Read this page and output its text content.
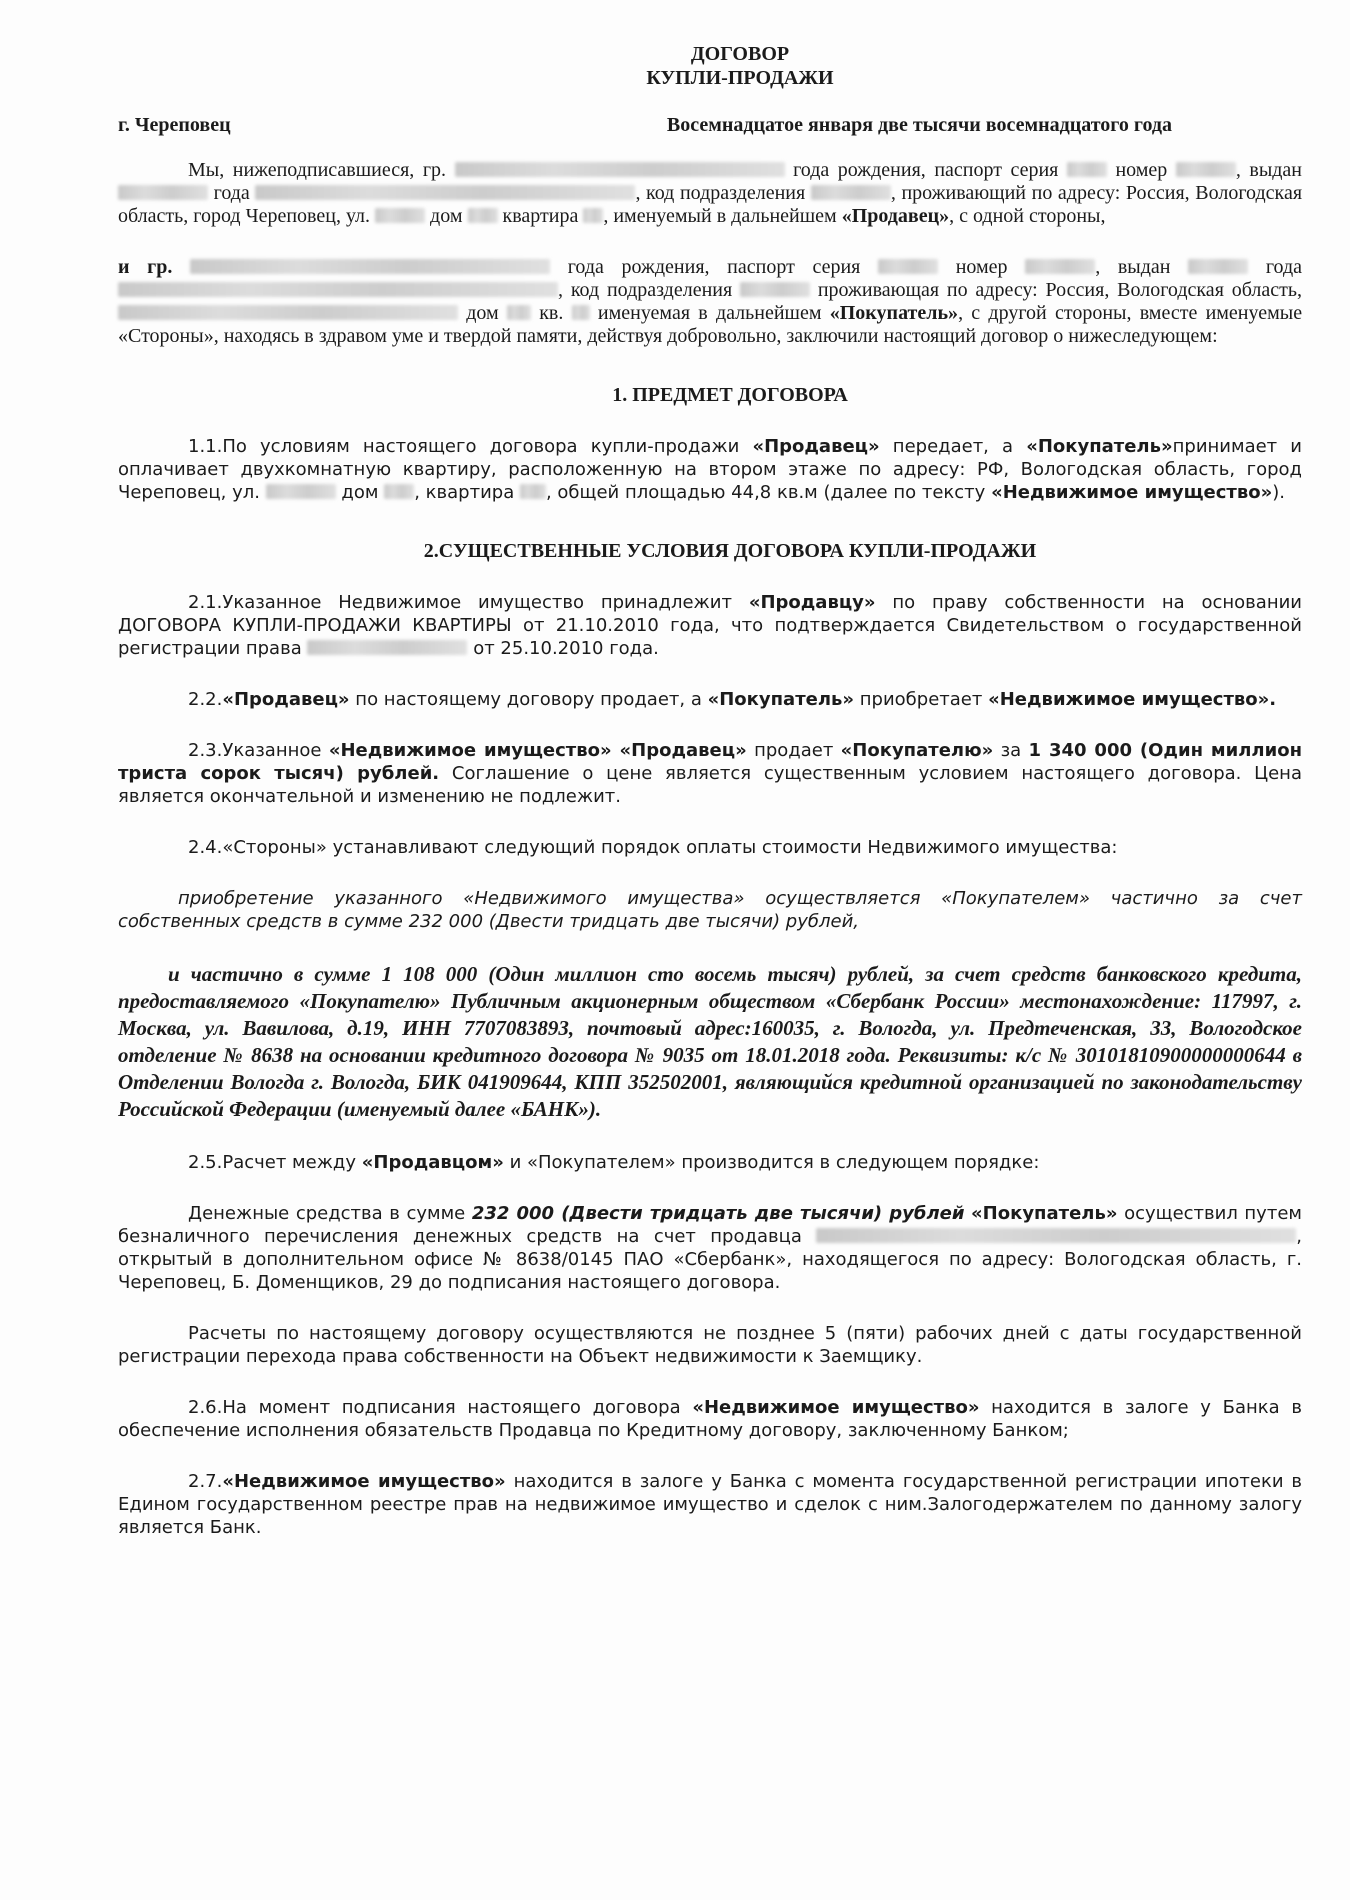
ДОГОВОР
КУПЛИ-ПРОДАЖИ
г. Череповец	Восемнадцатое января две тысячи восемнадцатого года

Мы, нижеподписавшиеся, гр.	года рождения, паспорт серия	номер	, выдан  года	, код подразделения	, проживающий по адресу: Россия, Вологодская область, город Череповец, ул.	дом квартира , именуемый в дальнейшем «Продавец», с одной стороны,

и гр.	года рождения, паспорт серия	номер	, выдан	года , код подразделения	проживающая по адресу: Россия, Вологодская область,  дом кв. именуемая в дальнейшем «Покупатель», с другой стороны, вместе именуемые «Стороны», находясь в здравом уме и твердой памяти, действуя добровольно, заключили настоящий договор о нижеследующем:

1. ПРЕДМЕТ ДОГОВОРА

1.1.По условиям настоящего договора купли-продажи «Продавец» передает, а «Покупатель»принимает и оплачивает двухкомнатную квартиру, расположенную на втором этаже по адресу: РФ, Вологодская область, город Череповец, ул.	дом , квартира , общей площадью 44,8 кв.м (далее по тексту «Недвижимое имущество»).

2.СУЩЕСТВЕННЫЕ УСЛОВИЯ ДОГОВОРА КУПЛИ-ПРОДАЖИ

2.1.Указанное Недвижимое имущество принадлежит «Продавцу» по праву собственности на основании ДОГОВОРА КУПЛИ-ПРОДАЖИ КВАРТИРЫ от 21.10.2010 года, что подтверждается Свидетельством о государственной регистрации права	от 25.10.2010 года.

2.2.«Продавец» по настоящему договору продает, а «Покупатель» приобретает «Недвижимое имущество».

2.3.Указанное «Недвижимое имущество» «Продавец» продает «Покупателю» за 1 340 000 (Один миллион триста сорок тысяч) рублей. Соглашение о цене является существенным условием настоящего договора. Цена является окончательной и изменению не подлежит.

2.4.«Стороны» устанавливают следующий порядок оплаты стоимости Недвижимого имущества:

приобретение указанного «Недвижимого имущества» осуществляется «Покупателем» частично за счет собственных средств в сумме 232 000 (Двести тридцать две тысячи) рублей,

и частично в сумме 1 108 000 (Один миллион сто восемь тысяч) рублей, за счет средств банковского кредита, предоставляемого «Покупателю» Публичным акционерным обществом «Сбербанк России» местонахождение: 117997, г. Москва, ул. Вавилова, д.19, ИНН 7707083893, почтовый адрес:160035, г. Вологда, ул. Предтеченская, 33, Вологодское отделение № 8638 на основании кредитного договора № 9035 от 18.01.2018 года. Реквизиты: к/с № 30101810900000000644 в Отделении Вологда г. Вологда, БИК 041909644, КПП 352502001, являющийся кредитной организацией по законодательству Российской Федерации (именуемый далее «БАНК»).

2.5.Расчет между «Продавцом» и «Покупателем» производится в следующем порядке:

Денежные средства в сумме 232 000 (Двести тридцать две тысячи) рублей «Покупатель» осуществил путем безналичного перечисления денежных средств на счет продавца	, открытый в дополнительном офисе № 8638/0145 ПАО «Сбербанк», находящегося по адресу: Вологодская область, г. Череповец, Б. Доменщиков, 29 до подписания настоящего договора.

Расчеты по настоящему договору осуществляются не позднее 5 (пяти) рабочих дней с даты государственной регистрации перехода права собственности на Объект недвижимости к Заемщику.

2.6.На момент подписания настоящего договора «Недвижимое имущество» находится в залоге у Банка в обеспечение исполнения обязательств Продавца по Кредитному договору, заключенному Банком;

2.7.«Недвижимое имущество» находится в залоге у Банка с момента государственной регистрации ипотеки в Едином государственном реестре прав на недвижимое имущество и сделок с ним.Залогодержателем по данному залогу является Банк.
